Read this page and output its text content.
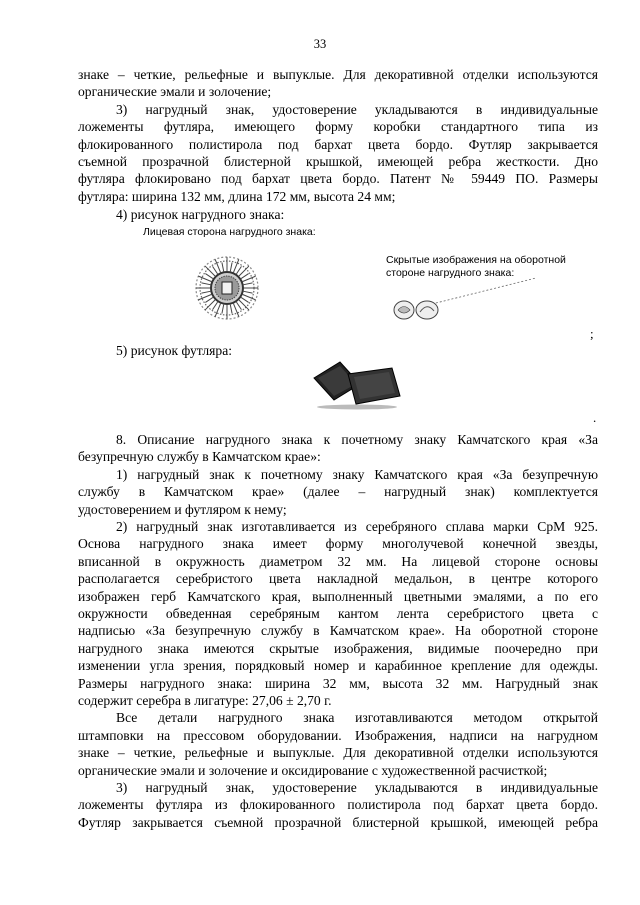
33

знаке – четкие, рельефные и выпуклые. Для декоративной отделки используются

органические эмали и золочение;

3) нагрудный знак, удостоверение укладываются в индивидуальные

ложементы футляра, имеющего форму коробки стандартного типа из

флокированного полистирола под бархат цвета бордо. Футляр закрывается

съемной прозрачной блистерной крышкой, имеющей ребра жесткости. Дно

футляра флокировано под бархат цвета бордо. Патент № 59449 ПО. Размеры

футляра: ширина 132 мм, длина 172 мм, высота 24 мм;

4) рисунок нагрудного знака:
Лицевая сторона нагрудного знака:
Скрытые изображения на оборотной
стороне нагрудного знака:
;
5) рисунок футляра:
.

8. Описание нагрудного знака к почетному знаку Камчатского края «За

безупречную службу в Камчатском крае»:

1) нагрудный знак к почетному знаку Камчатского края «За безупречную

службу в Камчатском крае» (далее – нагрудный знак) комплектуется

удостоверением и футляром к нему;

2) нагрудный знак изготавливается из серебряного сплава марки СрМ 925.

Основа нагрудного знака имеет форму многолучевой конечной звезды,

вписанной в окружность диаметром 32 мм. На лицевой стороне основы

располагается серебристого цвета накладной медальон, в центре которого

изображен герб Камчатского края, выполненный цветными эмалями, а по его

окружности обведенная серебряным кантом лента серебристого цвета с

надписью «За безупречную службу в Камчатском крае». На оборотной стороне

нагрудного знака имеются скрытые изображения, видимые поочередно при

изменении угла зрения, порядковый номер и карабинное крепление для одежды.

Размеры нагрудного знака: ширина 32 мм, высота 32 мм. Нагрудный знак

содержит серебра в лигатуре: 27,06 ± 2,70 г.

Все детали нагрудного знака изготавливаются методом открытой

штамповки на прессовом оборудовании. Изображения, надписи на нагрудном

знаке – четкие, рельефные и выпуклые. Для декоративной отделки используются

органические эмали и золочение и оксидирование с художественной расчисткой;

3) нагрудный знак, удостоверение укладываются в индивидуальные

ложементы футляра из флокированного полистирола под бархат цвета бордо.

Футляр закрывается съемной прозрачной блистерной крышкой, имеющей ребра
